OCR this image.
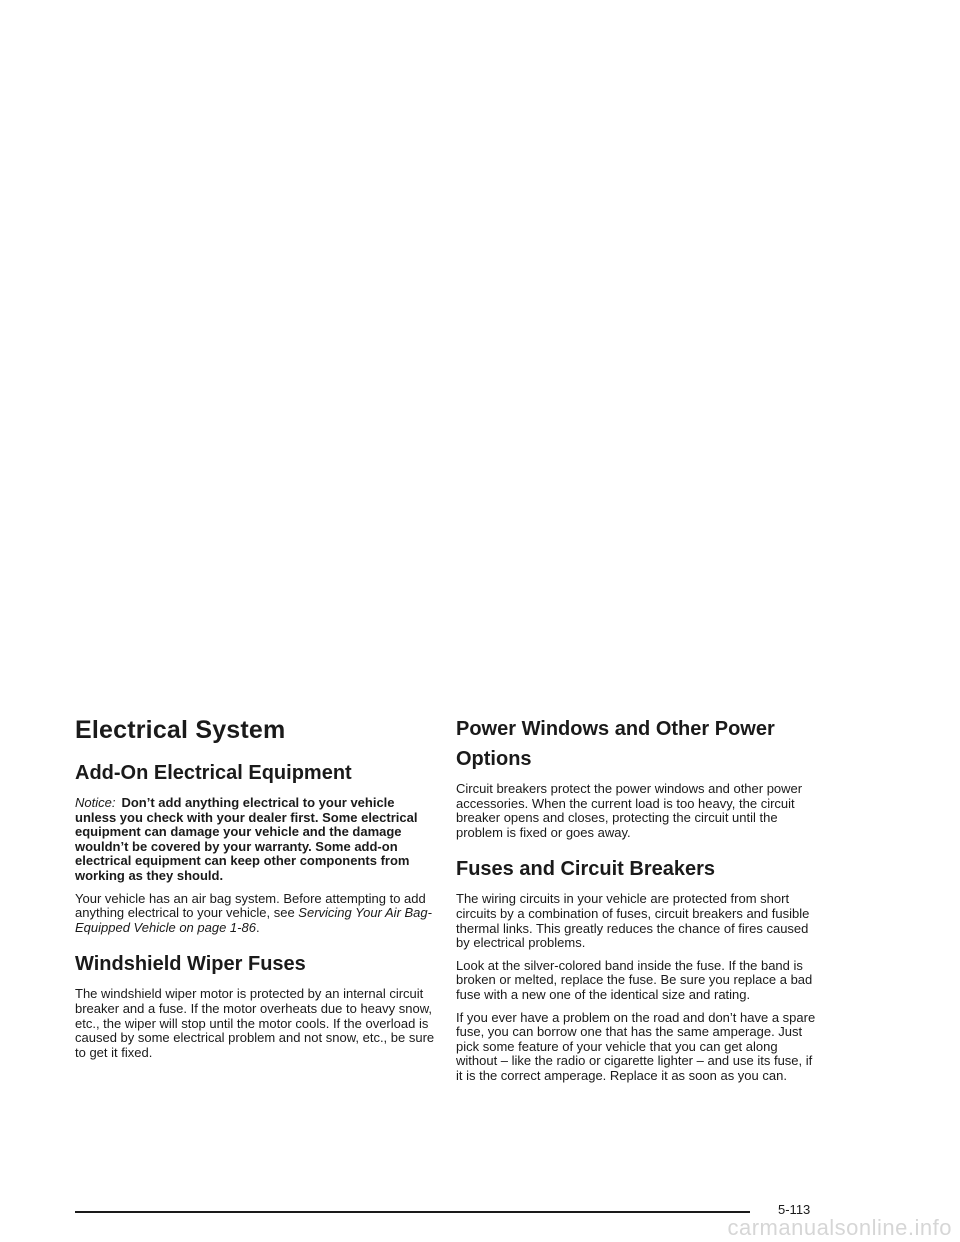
Electrical System
Add-On Electrical Equipment

Notice: Don’t add anything electrical to your vehicle unless you check with your dealer first. Some electrical equipment can damage your vehicle and the damage wouldn’t be covered by your warranty. Some add-on electrical equipment can keep other components from working as they should.

Your vehicle has an air bag system. Before attempting to add anything electrical to your vehicle, see Servicing Your Air Bag-Equipped Vehicle on page 1-86.

Windshield Wiper Fuses

The windshield wiper motor is protected by an internal circuit breaker and a fuse. If the motor overheats due to heavy snow, etc., the wiper will stop until the motor cools. If the overload is caused by some electrical problem and not snow, etc., be sure to get it fixed.

Power Windows and Other Power Options

Circuit breakers protect the power windows and other power accessories. When the current load is too heavy, the circuit breaker opens and closes, protecting the circuit until the problem is fixed or goes away.

Fuses and Circuit Breakers

The wiring circuits in your vehicle are protected from short circuits by a combination of fuses, circuit breakers and fusible thermal links. This greatly reduces the chance of fires caused by electrical problems.

Look at the silver-colored band inside the fuse. If the band is broken or melted, replace the fuse. Be sure you replace a bad fuse with a new one of the identical size and rating.

If you ever have a problem on the road and don’t have a spare fuse, you can borrow one that has the same amperage. Just pick some feature of your vehicle that you can get along without – like the radio or cigarette lighter – and use its fuse, if it is the correct amperage. Replace it as soon as you can.

5-113
carmanualsonline.info
